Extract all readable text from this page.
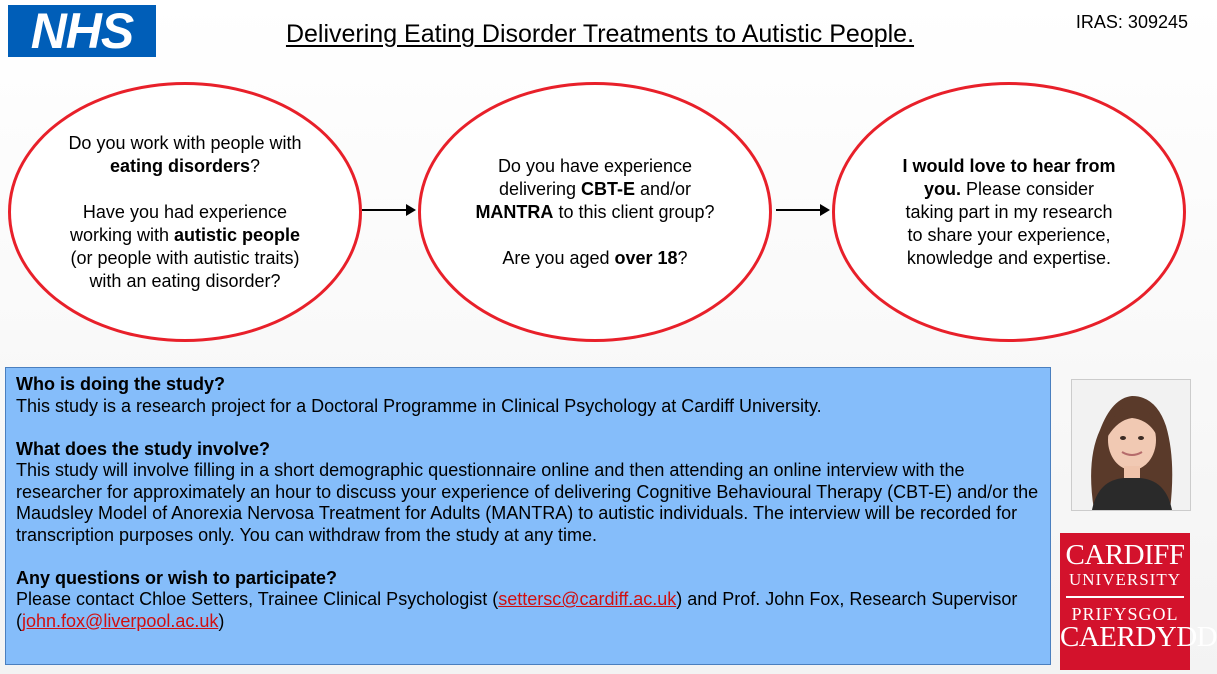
NHS	Delivering Eating Disorder Treatments to Autistic People.	IRAS: 309245
Do you work with people with eating disorders?

Have you had experience working with autistic people (or people with autistic traits) with an eating disorder?
Do you have experience delivering CBT-E and/or MANTRA to this client group?

Are you aged over 18?
I would love to hear from you. Please consider taking part in my research to share your experience, knowledge and expertise.
Who is doing the study?

This study is a research project for a Doctoral Programme in Clinical Psychology at Cardiff University.

What does the study involve?

This study will involve filling in a short demographic questionnaire online and then attending an online interview with the researcher for approximately an hour to discuss your experience of delivering Cognitive Behavioural Therapy (CBT-E) and/or the Maudsley Model of Anorexia Nervosa Treatment for Adults (MANTRA) to autistic individuals. The interview will be recorded for transcription purposes only. You can withdraw from the study at any time.

Any questions or wish to participate?

Please contact Chloe Setters, Trainee Clinical Psychologist (settersc@cardiff.ac.uk) and Prof. John Fox, Research Supervisor (john.fox@liverpool.ac.uk)

CARDIFF
UNIVERSITY
PRIFYSGOL
CAERDYDD
